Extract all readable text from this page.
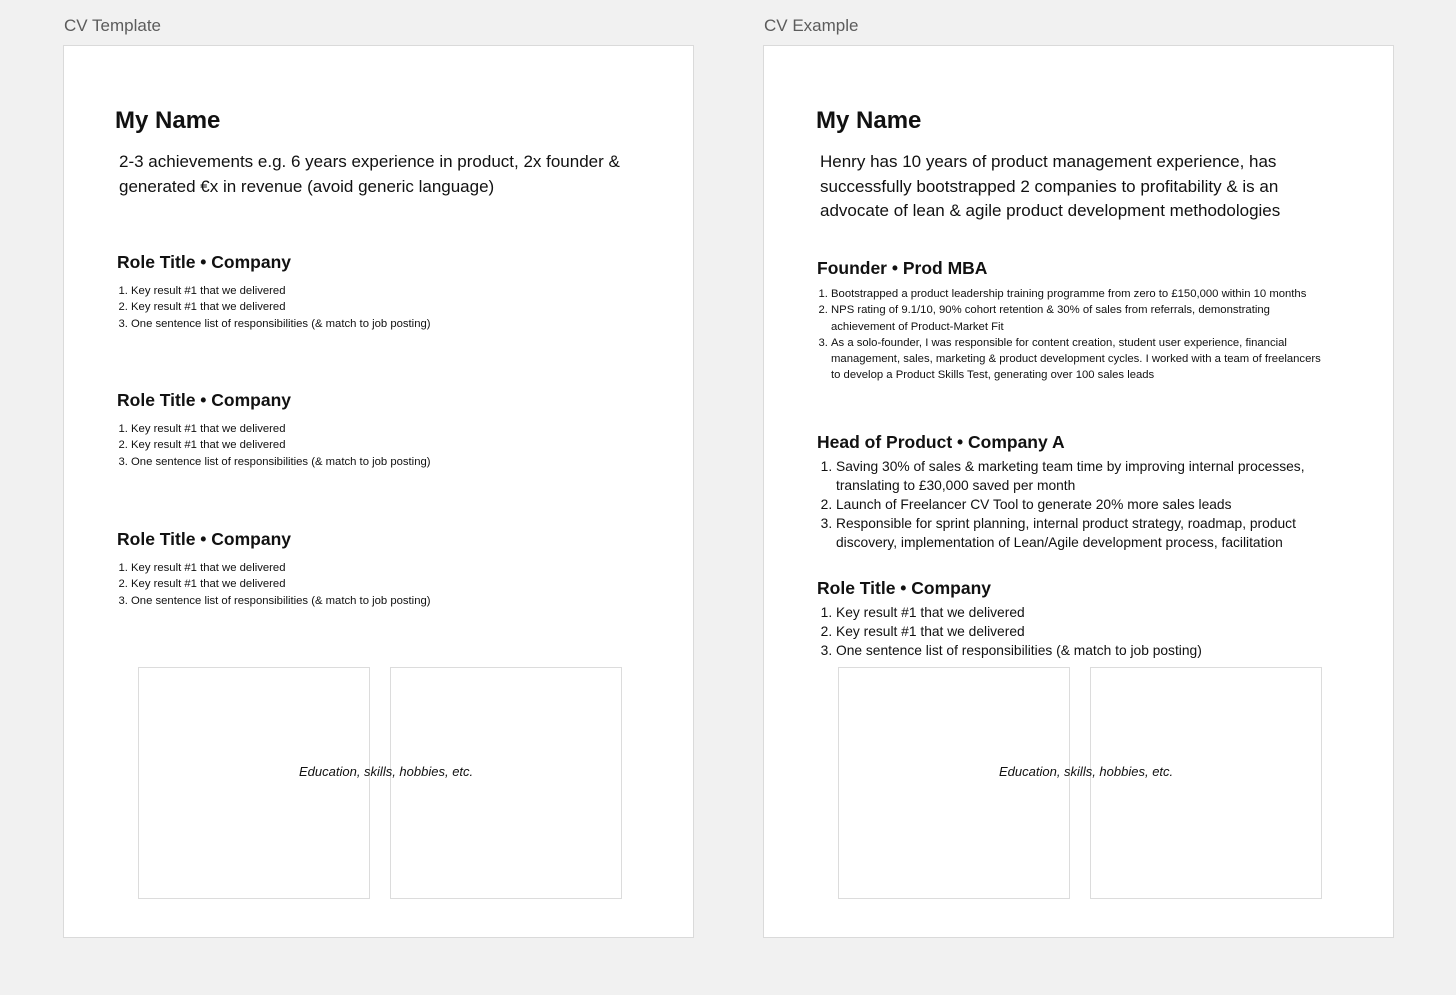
CV Template
My Name
2-3 achievements e.g. 6 years experience in product, 2x founder & generated €x in revenue (avoid generic language)
Role Title • Company
1. Key result #1 that we delivered
2. Key result #1 that we delivered
3. One sentence list of responsibilities (& match to job posting)
Role Title • Company
1. Key result #1 that we delivered
2. Key result #1 that we delivered
3. One sentence list of responsibilities (& match to job posting)
Role Title • Company
1. Key result #1 that we delivered
2. Key result #1 that we delivered
3. One sentence list of responsibilities (& match to job posting)
Education, skills, hobbies, etc.
CV Example
My Name
Henry has 10 years of product management experience, has successfully bootstrapped 2 companies to profitability & is an advocate of lean & agile product development methodologies
Founder • Prod MBA
1. Bootstrapped a product leadership training programme from zero to £150,000 within 10 months
2. NPS rating of 9.1/10, 90% cohort retention & 30% of sales from referrals, demonstrating achievement of Product-Market Fit
3. As a solo-founder, I was responsible for content creation, student user experience, financial management, sales, marketing & product development cycles. I worked with a team of freelancers to develop a Product Skills Test, generating over 100 sales leads
Head of Product • Company A
1. Saving 30% of sales & marketing team time by improving internal processes, translating to £30,000 saved per month
2. Launch of Freelancer CV Tool to generate 20% more sales leads
3. Responsible for sprint planning, internal product strategy, roadmap, product discovery, implementation of Lean/Agile development process, facilitation
Role Title • Company
1. Key result #1 that we delivered
2. Key result #1 that we delivered
3. One sentence list of responsibilities (& match to job posting)
Education, skills, hobbies, etc.
